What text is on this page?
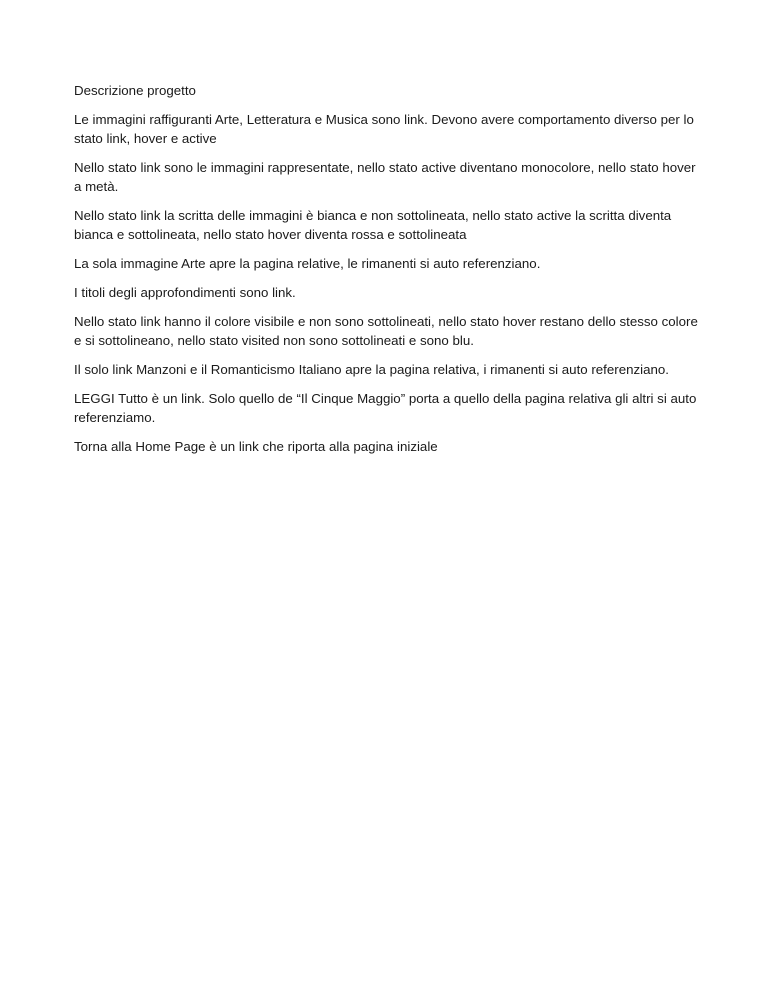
Descrizione progetto

Le immagini raffiguranti Arte, Letteratura e Musica sono link. Devono avere comportamento diverso per lo stato link, hover e active

Nello stato link sono le immagini rappresentate, nello stato active diventano monocolore, nello stato hover a metà.

Nello stato link la scritta delle immagini è bianca e non sottolineata, nello stato active la scritta diventa bianca e sottolineata, nello stato hover diventa rossa e sottolineata

La sola immagine Arte apre la pagina relative, le rimanenti si auto referenziano.

I titoli degli approfondimenti sono link.

Nello stato link hanno il colore visibile e non sono sottolineati, nello stato hover restano dello stesso colore e si sottolineano, nello stato visited non sono sottolineati e sono blu.

Il solo link Manzoni e il Romanticismo Italiano apre la pagina relativa, i rimanenti si auto referenziano.

LEGGI Tutto è un link. Solo quello de “Il Cinque Maggio” porta a quello della pagina relativa gli altri si auto referenziamo.

Torna alla Home Page è un link che riporta alla pagina iniziale
